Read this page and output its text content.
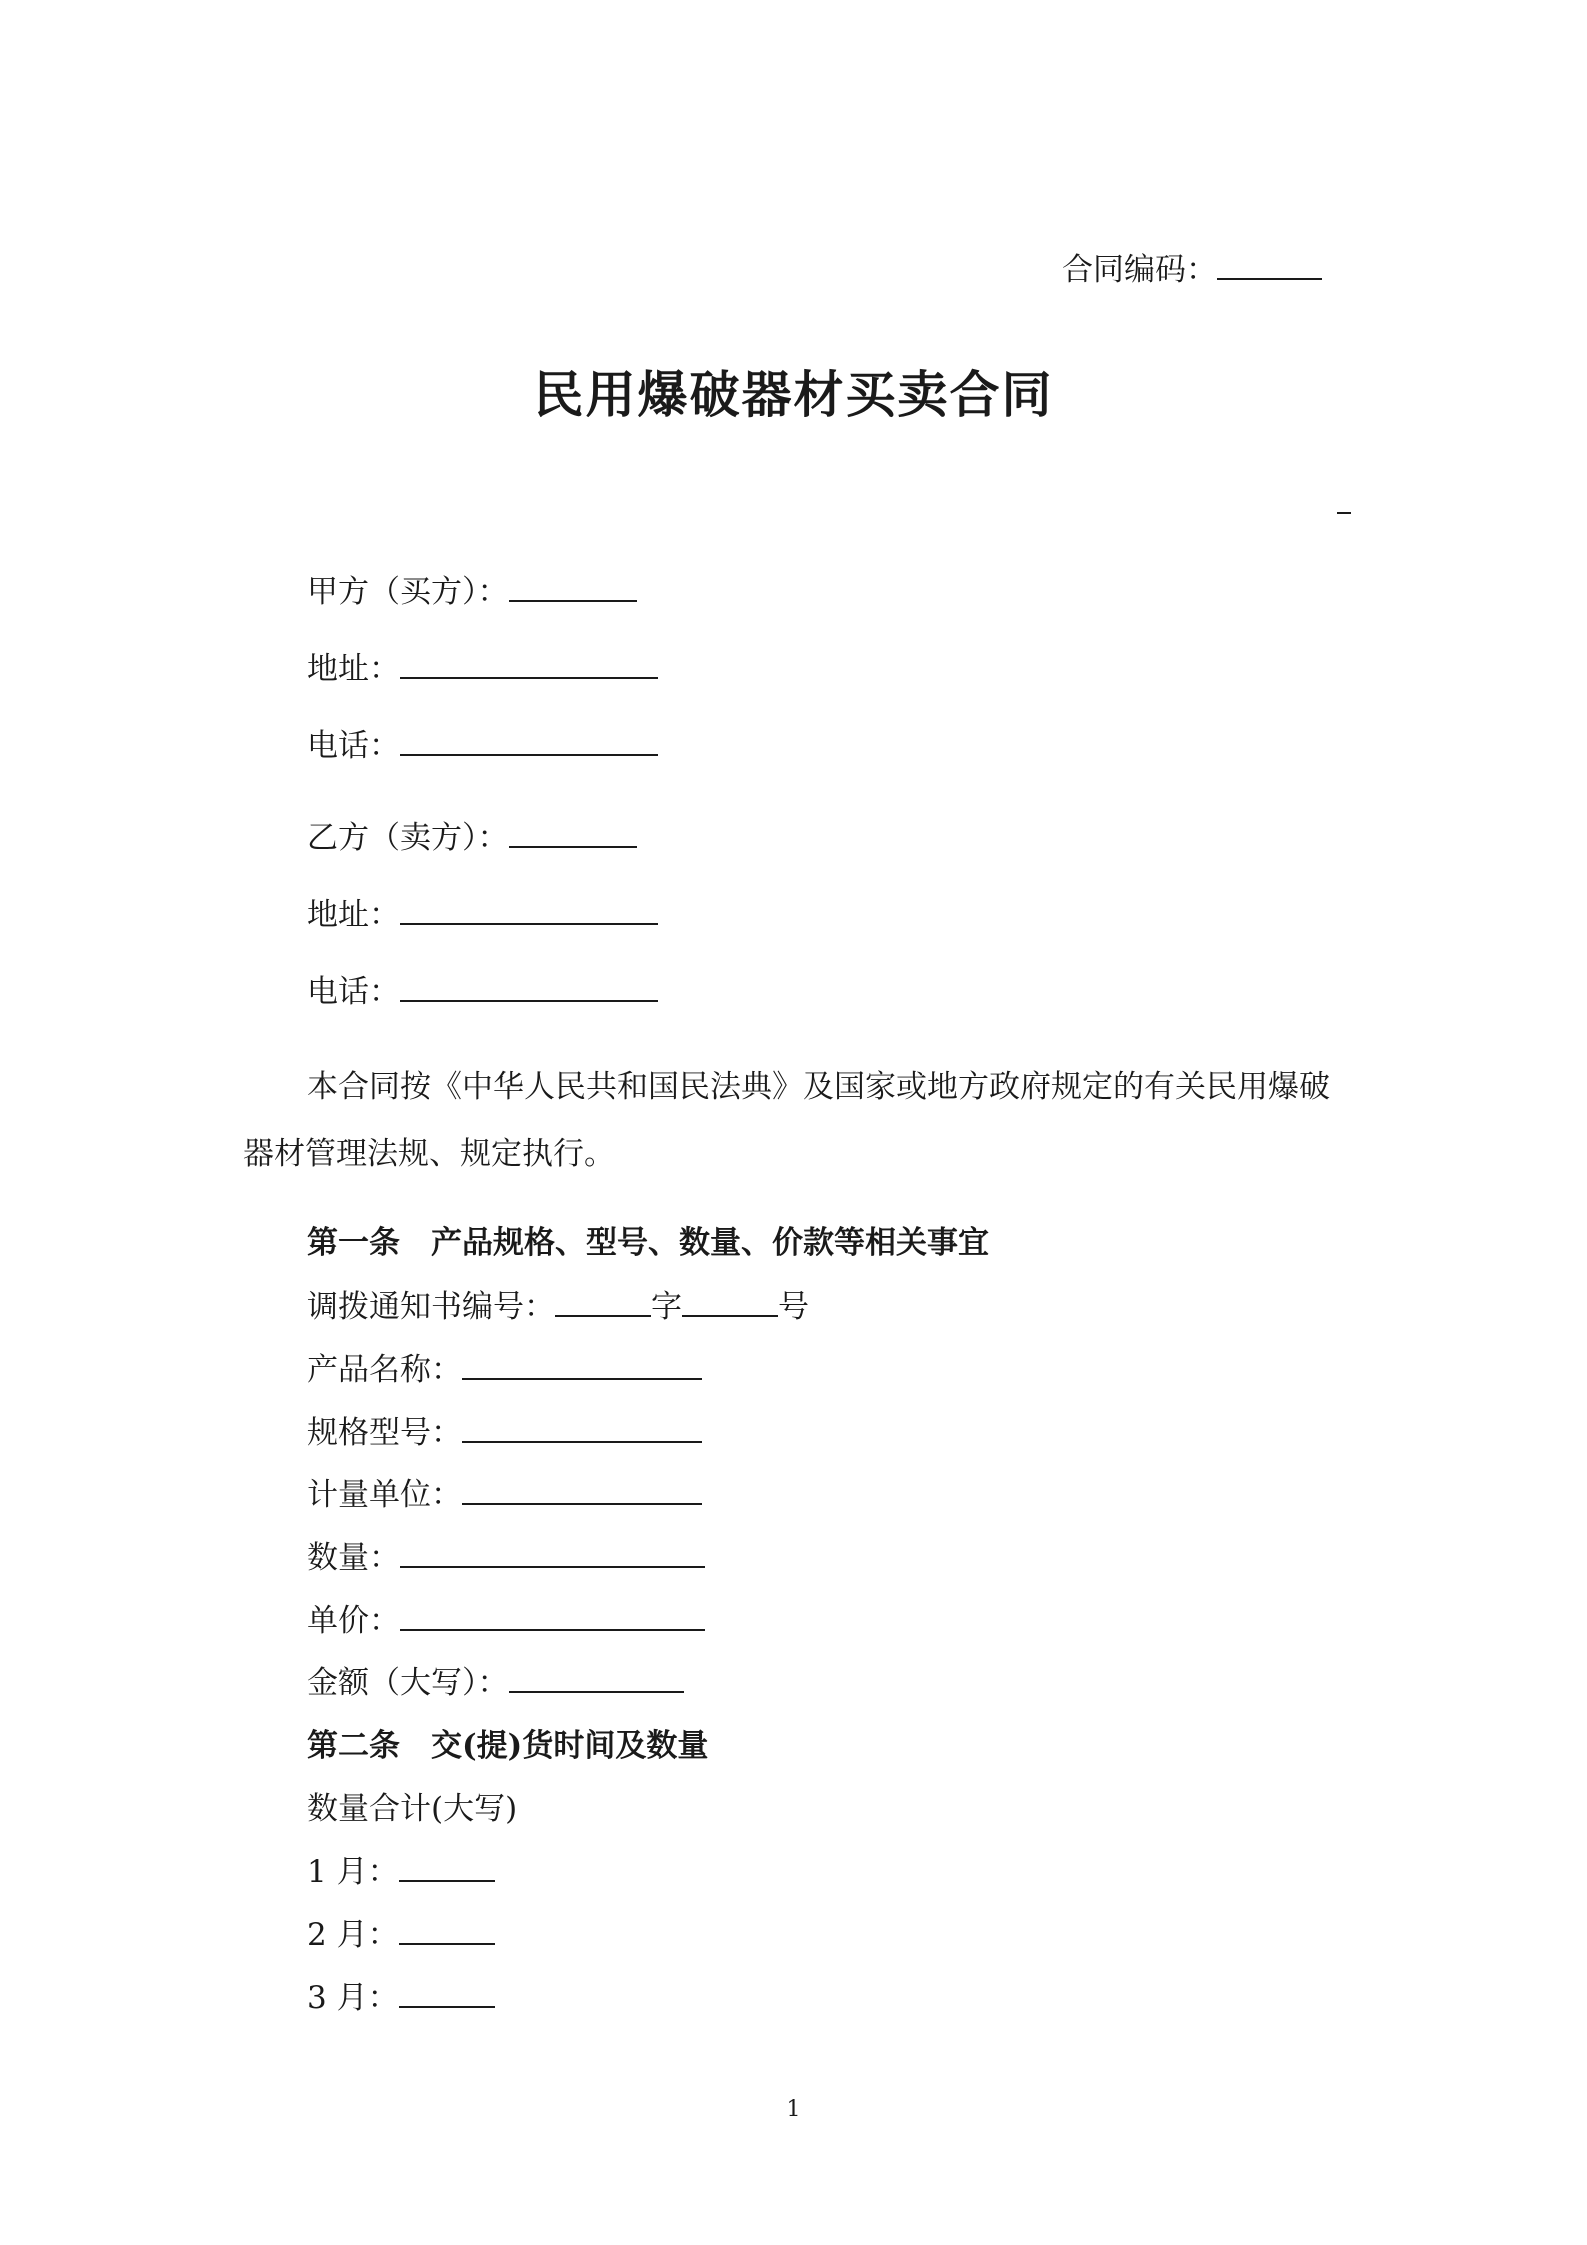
合同编码：
民用爆破器材买卖合同
甲方（买方）：
地址：
电话：
乙方（卖方）：
地址：
电话：
本合同按《中华人民共和国民法典》及国家或地方政府规定的有关民用爆破
器材管理法规、规定执行。
第一条　产品规格、型号、数量、价款等相关事宜
调拨通知书编号：	字	号
产品名称：
规格型号：
计量单位：
数量：
单价：
金额（大写）：
第二条　交(提)货时间及数量
数量合计(大写)
1 月：
2 月：
3 月：
1
